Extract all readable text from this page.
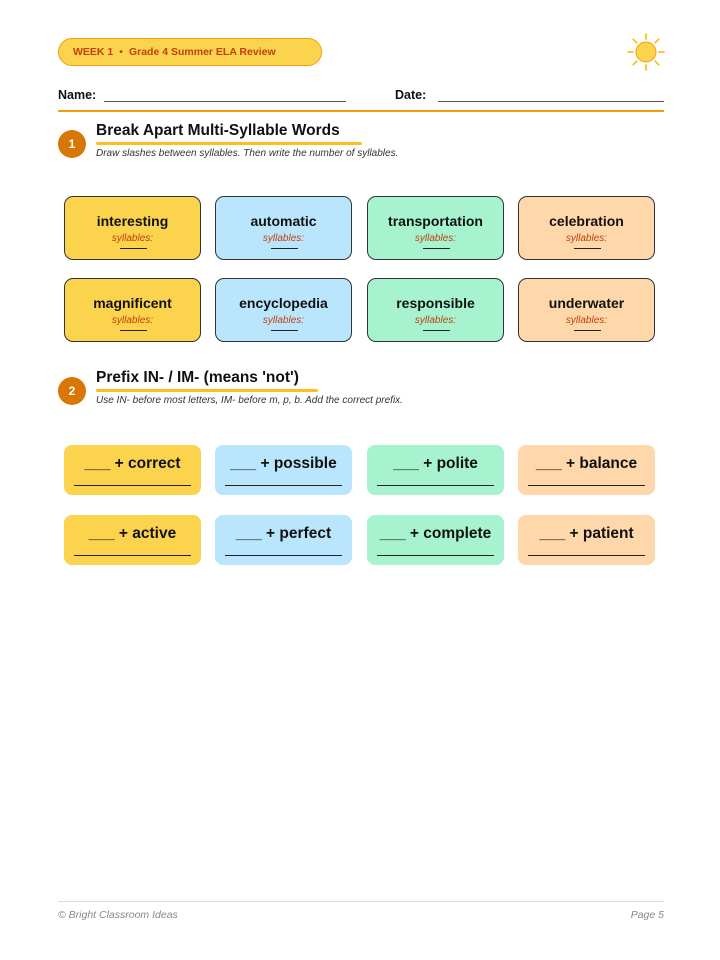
WEEK 1 • Grade 4 Summer ELA Review
Name:	Date:
1
Break Apart Multi-Syllable Words
Draw slashes between syllables. Then write the number of syllables.
interesting
syllables:
automatic
syllables:
transportation
syllables:
celebration
syllables:
magnificent
syllables:
encyclopedia
syllables:
responsible
syllables:
underwater
syllables:
2
Prefix IN- / IM- (means 'not')
Use IN- before most letters, IM- before m, p, b. Add the correct prefix.
___ + correct	___ + possible	___ + polite	___ + balance
___ + active	___ + perfect	___ + complete	___ + patient
© Bright Classroom Ideas	Page 5
